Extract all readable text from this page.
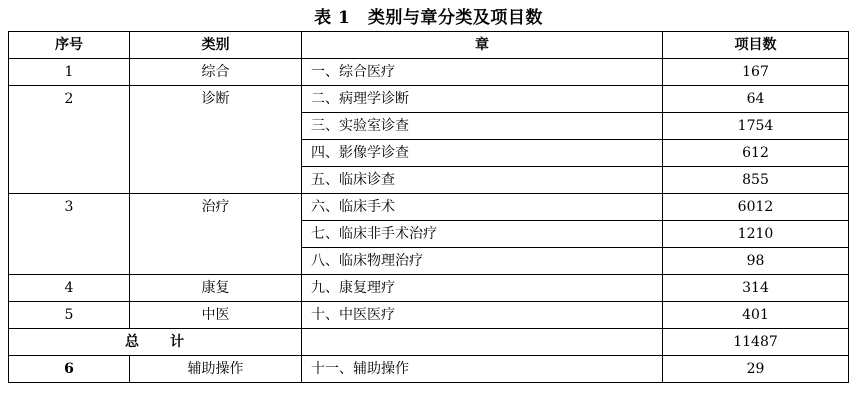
表 1　类别与章分类及项目数
序号	类别	章	项目数
1	综合	一、综合医疗	167
2	诊断	二、病理学诊断	64
		三、实验室诊查	1754
		四、影像学诊查	612
		五、临床诊查	855
3	治疗	六、临床手术	6012
		七、临床非手术治疗	1210
		八、临床物理治疗	98
4	康复	九、康复理疗	314
5	中医	十、中医医疗	401
总　　计			11487
6	辅助操作	十一、辅助操作	29
